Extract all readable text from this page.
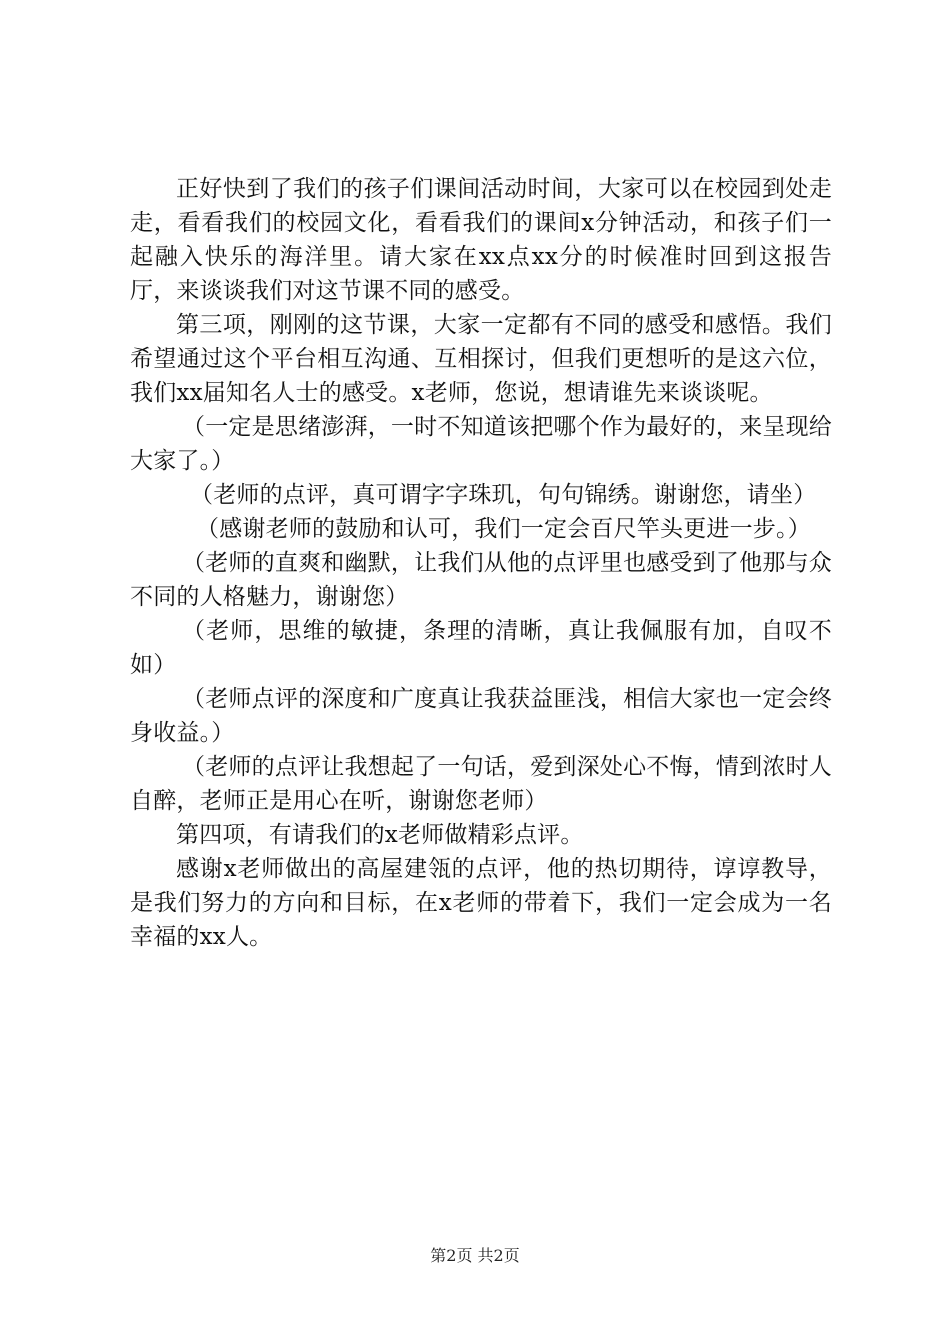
正好快到了我们的孩子们课间活动时间，大家可以在校园到处走走，看看我们的校园文化，看看我们的课间x分钟活动，和孩子们一起融入快乐的海洋里。请大家在xx点xx分的时候准时回到这报告厅，来谈谈我们对这节课不同的感受。

第三项，刚刚的这节课，大家一定都有不同的感受和感悟。我们希望通过这个平台相互沟通、互相探讨，但我们更想听的是这六位，我们xx届知名人士的感受。x老师，您说，想请谁先来谈谈呢。

（一定是思绪澎湃，一时不知道该把哪个作为最好的，来呈现给大家了。）

（老师的点评，真可谓字字珠玑，句句锦绣。谢谢您，请坐）

（感谢老师的鼓励和认可，我们一定会百尺竿头更进一步。）

（老师的直爽和幽默，让我们从他的点评里也感受到了他那与众不同的人格魅力，谢谢您）

（老师，思维的敏捷，条理的清晰，真让我佩服有加，自叹不如）

（老师点评的深度和广度真让我获益匪浅，相信大家也一定会终身收益。）

（老师的点评让我想起了一句话，爱到深处心不悔，情到浓时人自醉，老师正是用心在听，谢谢您老师）

第四项，有请我们的x老师做精彩点评。

感谢x老师做出的高屋建瓴的点评，他的热切期待，谆谆教导，是我们努力的方向和目标，在x老师的带着下，我们一定会成为一名幸福的xx人。

第2页 共2页
